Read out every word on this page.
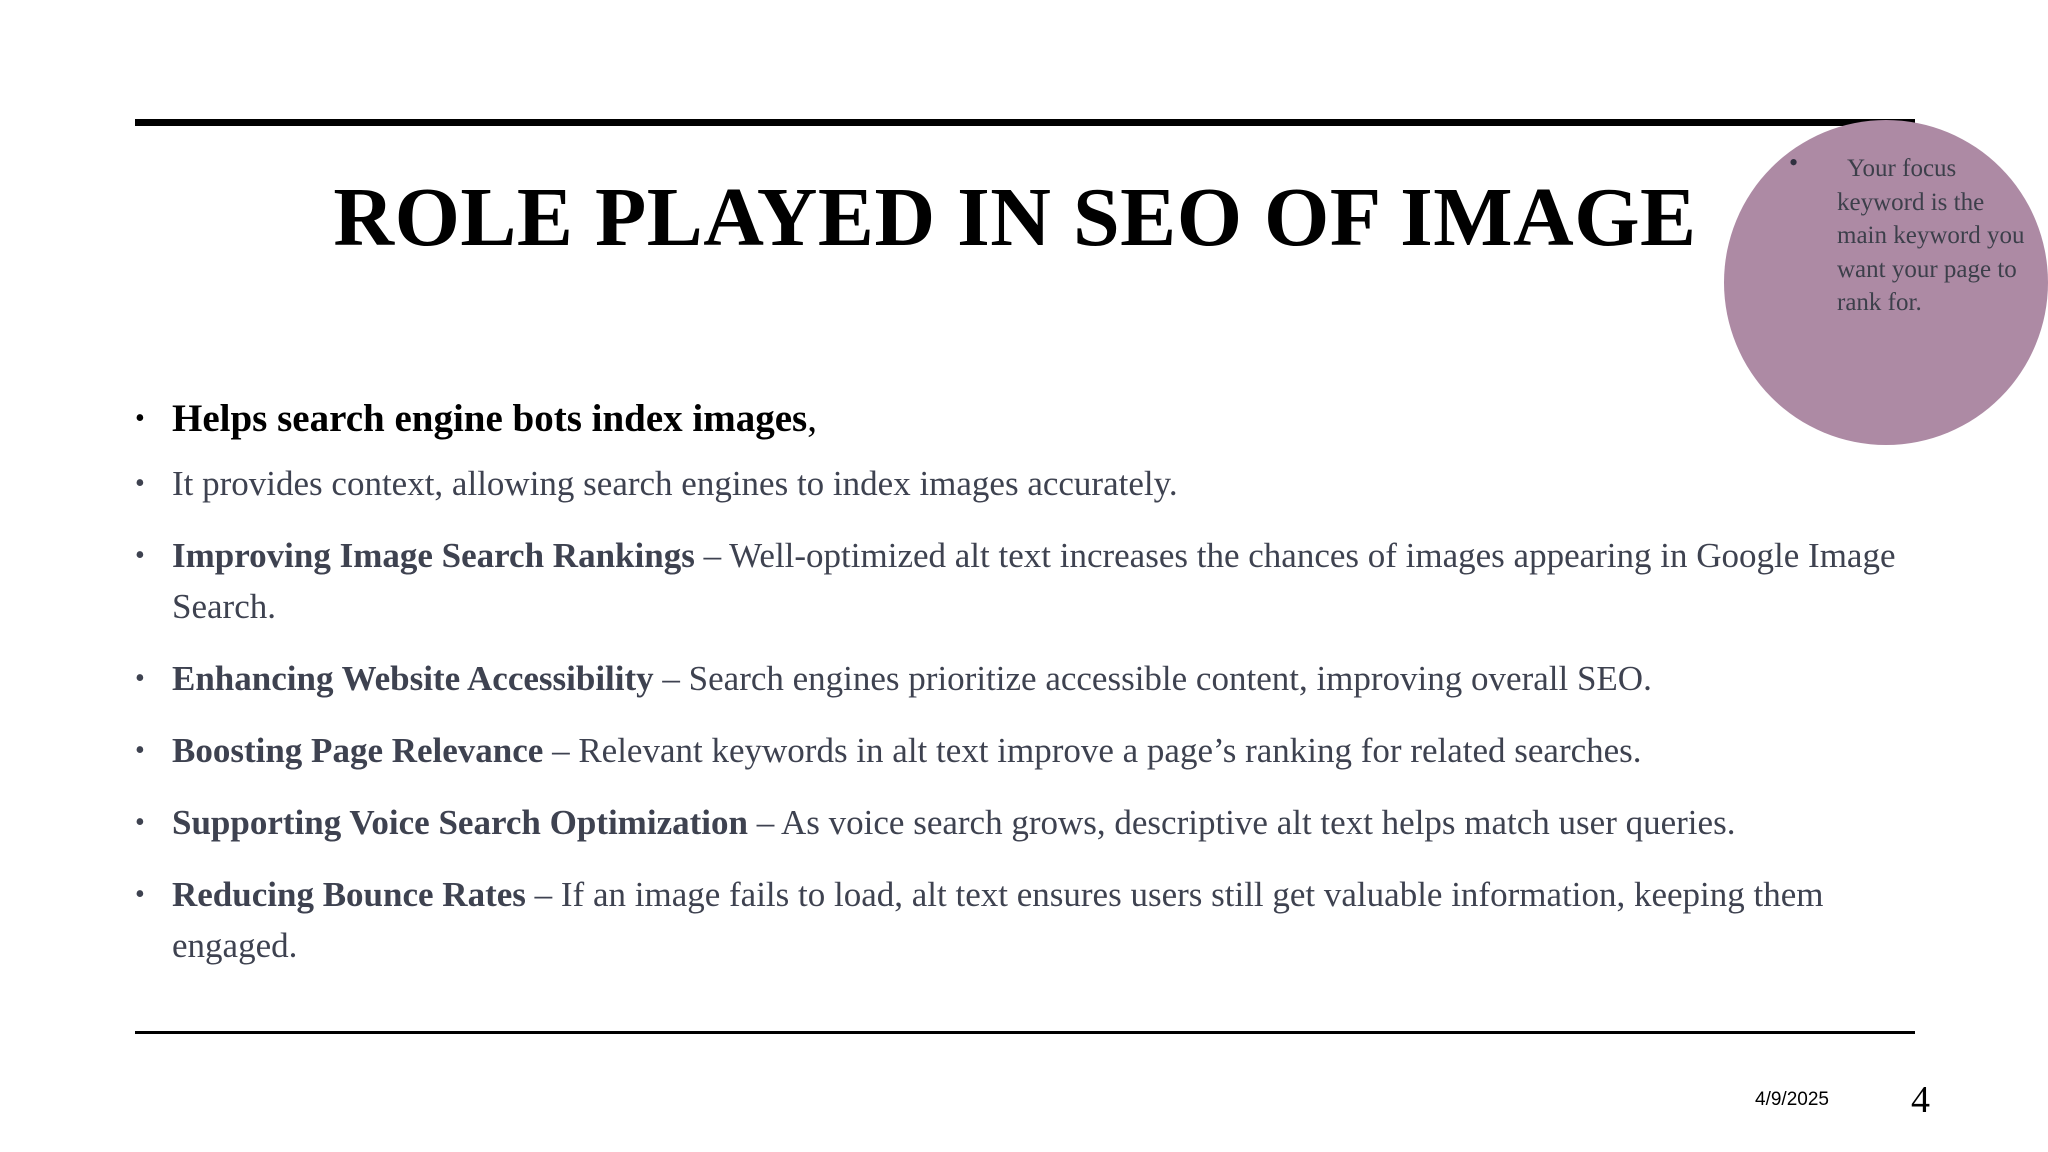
ROLE PLAYED IN SEO OF IMAGE
•	Your focus keyword is the main keyword you want your page to rank for.
• Helps search engine bots index images,
• It provides context, allowing search engines to index images accurately.
• Improving Image Search Rankings – Well-optimized alt text increases the chances of images appearing in Google Image Search.
• Enhancing Website Accessibility – Search engines prioritize accessible content, improving overall SEO.
• Boosting Page Relevance – Relevant keywords in alt text improve a page’s ranking for related searches.
• Supporting Voice Search Optimization – As voice search grows, descriptive alt text helps match user queries.
• Reducing Bounce Rates – If an image fails to load, alt text ensures users still get valuable information, keeping them engaged.
4/9/2025 4
